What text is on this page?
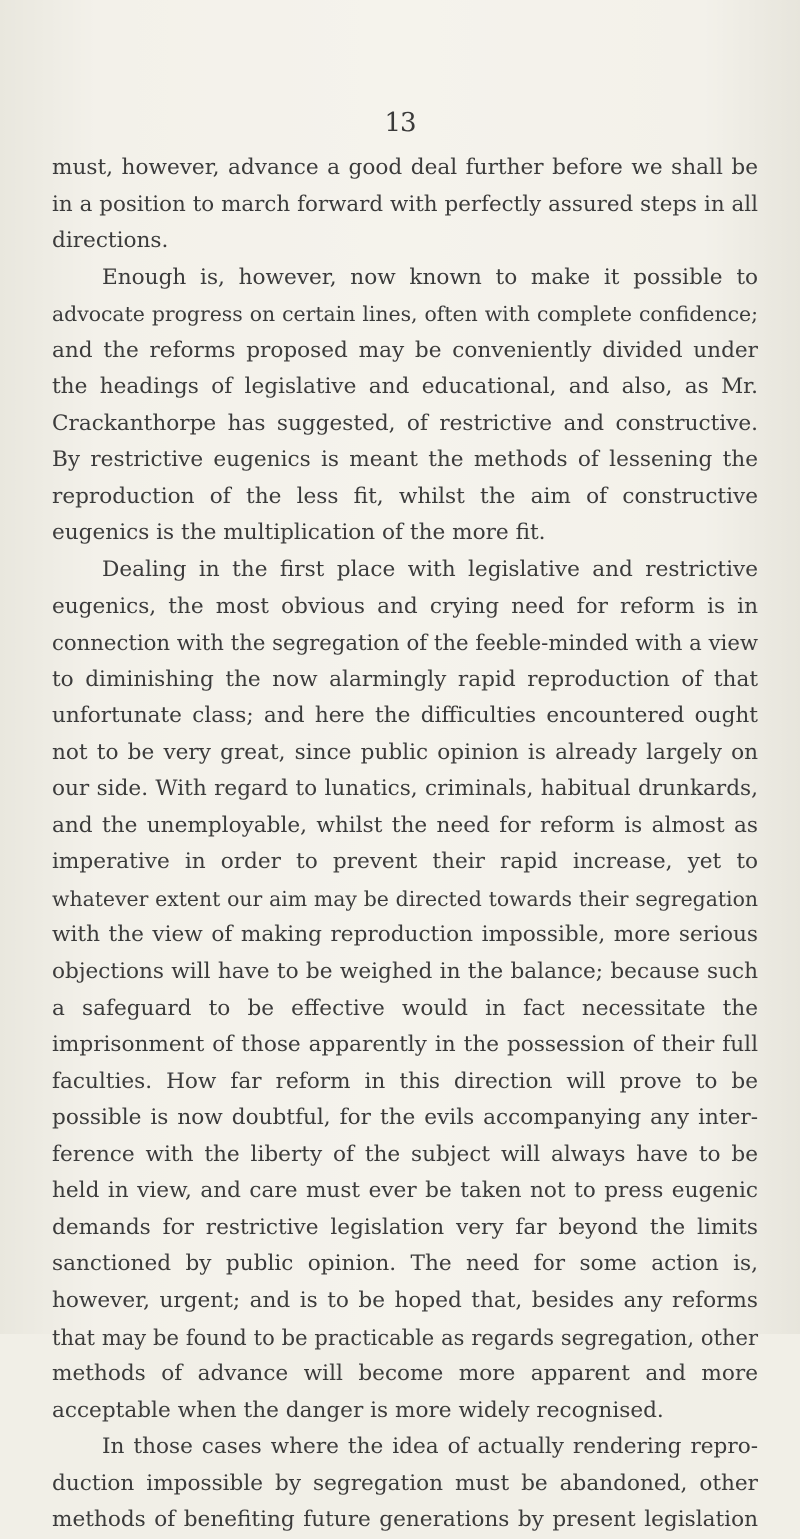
13
must, however, advance a good deal further before we shall be
in a position to march forward with perfectly assured steps in all
directions.
Enough is, however, now known to make it possible to
advocate progress on certain lines, often with complete confidence;
and the reforms proposed may be conveniently divided under
the headings of legislative and educational, and also, as Mr.
Crackanthorpe has suggested, of restrictive and constructive.
By restrictive eugenics is meant the methods of lessening the
reproduction of the less fit, whilst the aim of constructive
eugenics is the multiplication of the more fit.
Dealing in the first place with legislative and restrictive
eugenics, the most obvious and crying need for reform is in
connection with the segregation of the feeble-minded with a view
to diminishing the now alarmingly rapid reproduction of that
unfortunate class; and here the difficulties encountered ought
not to be very great, since public opinion is already largely on
our side. With regard to lunatics, criminals, habitual drunkards,
and the unemployable, whilst the need for reform is almost as
imperative in order to prevent their rapid increase, yet to
whatever extent our aim may be directed towards their segregation
with the view of making reproduction impossible, more serious
objections will have to be weighed in the balance; because such
a safeguard to be effective would in fact necessitate the
imprisonment of those apparently in the possession of their full
faculties. How far reform in this direction will prove to be
possible is now doubtful, for the evils accompanying any inter-
ference with the liberty of the subject will always have to be
held in view, and care must ever be taken not to press eugenic
demands for restrictive legislation very far beyond the limits
sanctioned by public opinion. The need for some action is,
however, urgent; and is to be hoped that, besides any reforms
that may be found to be practicable as regards segregation, other
methods of advance will become more apparent and more
acceptable when the danger is more widely recognised.
In those cases where the idea of actually rendering repro-
duction impossible by segregation must be abandoned, other
methods of benefiting future generations by present legislation
